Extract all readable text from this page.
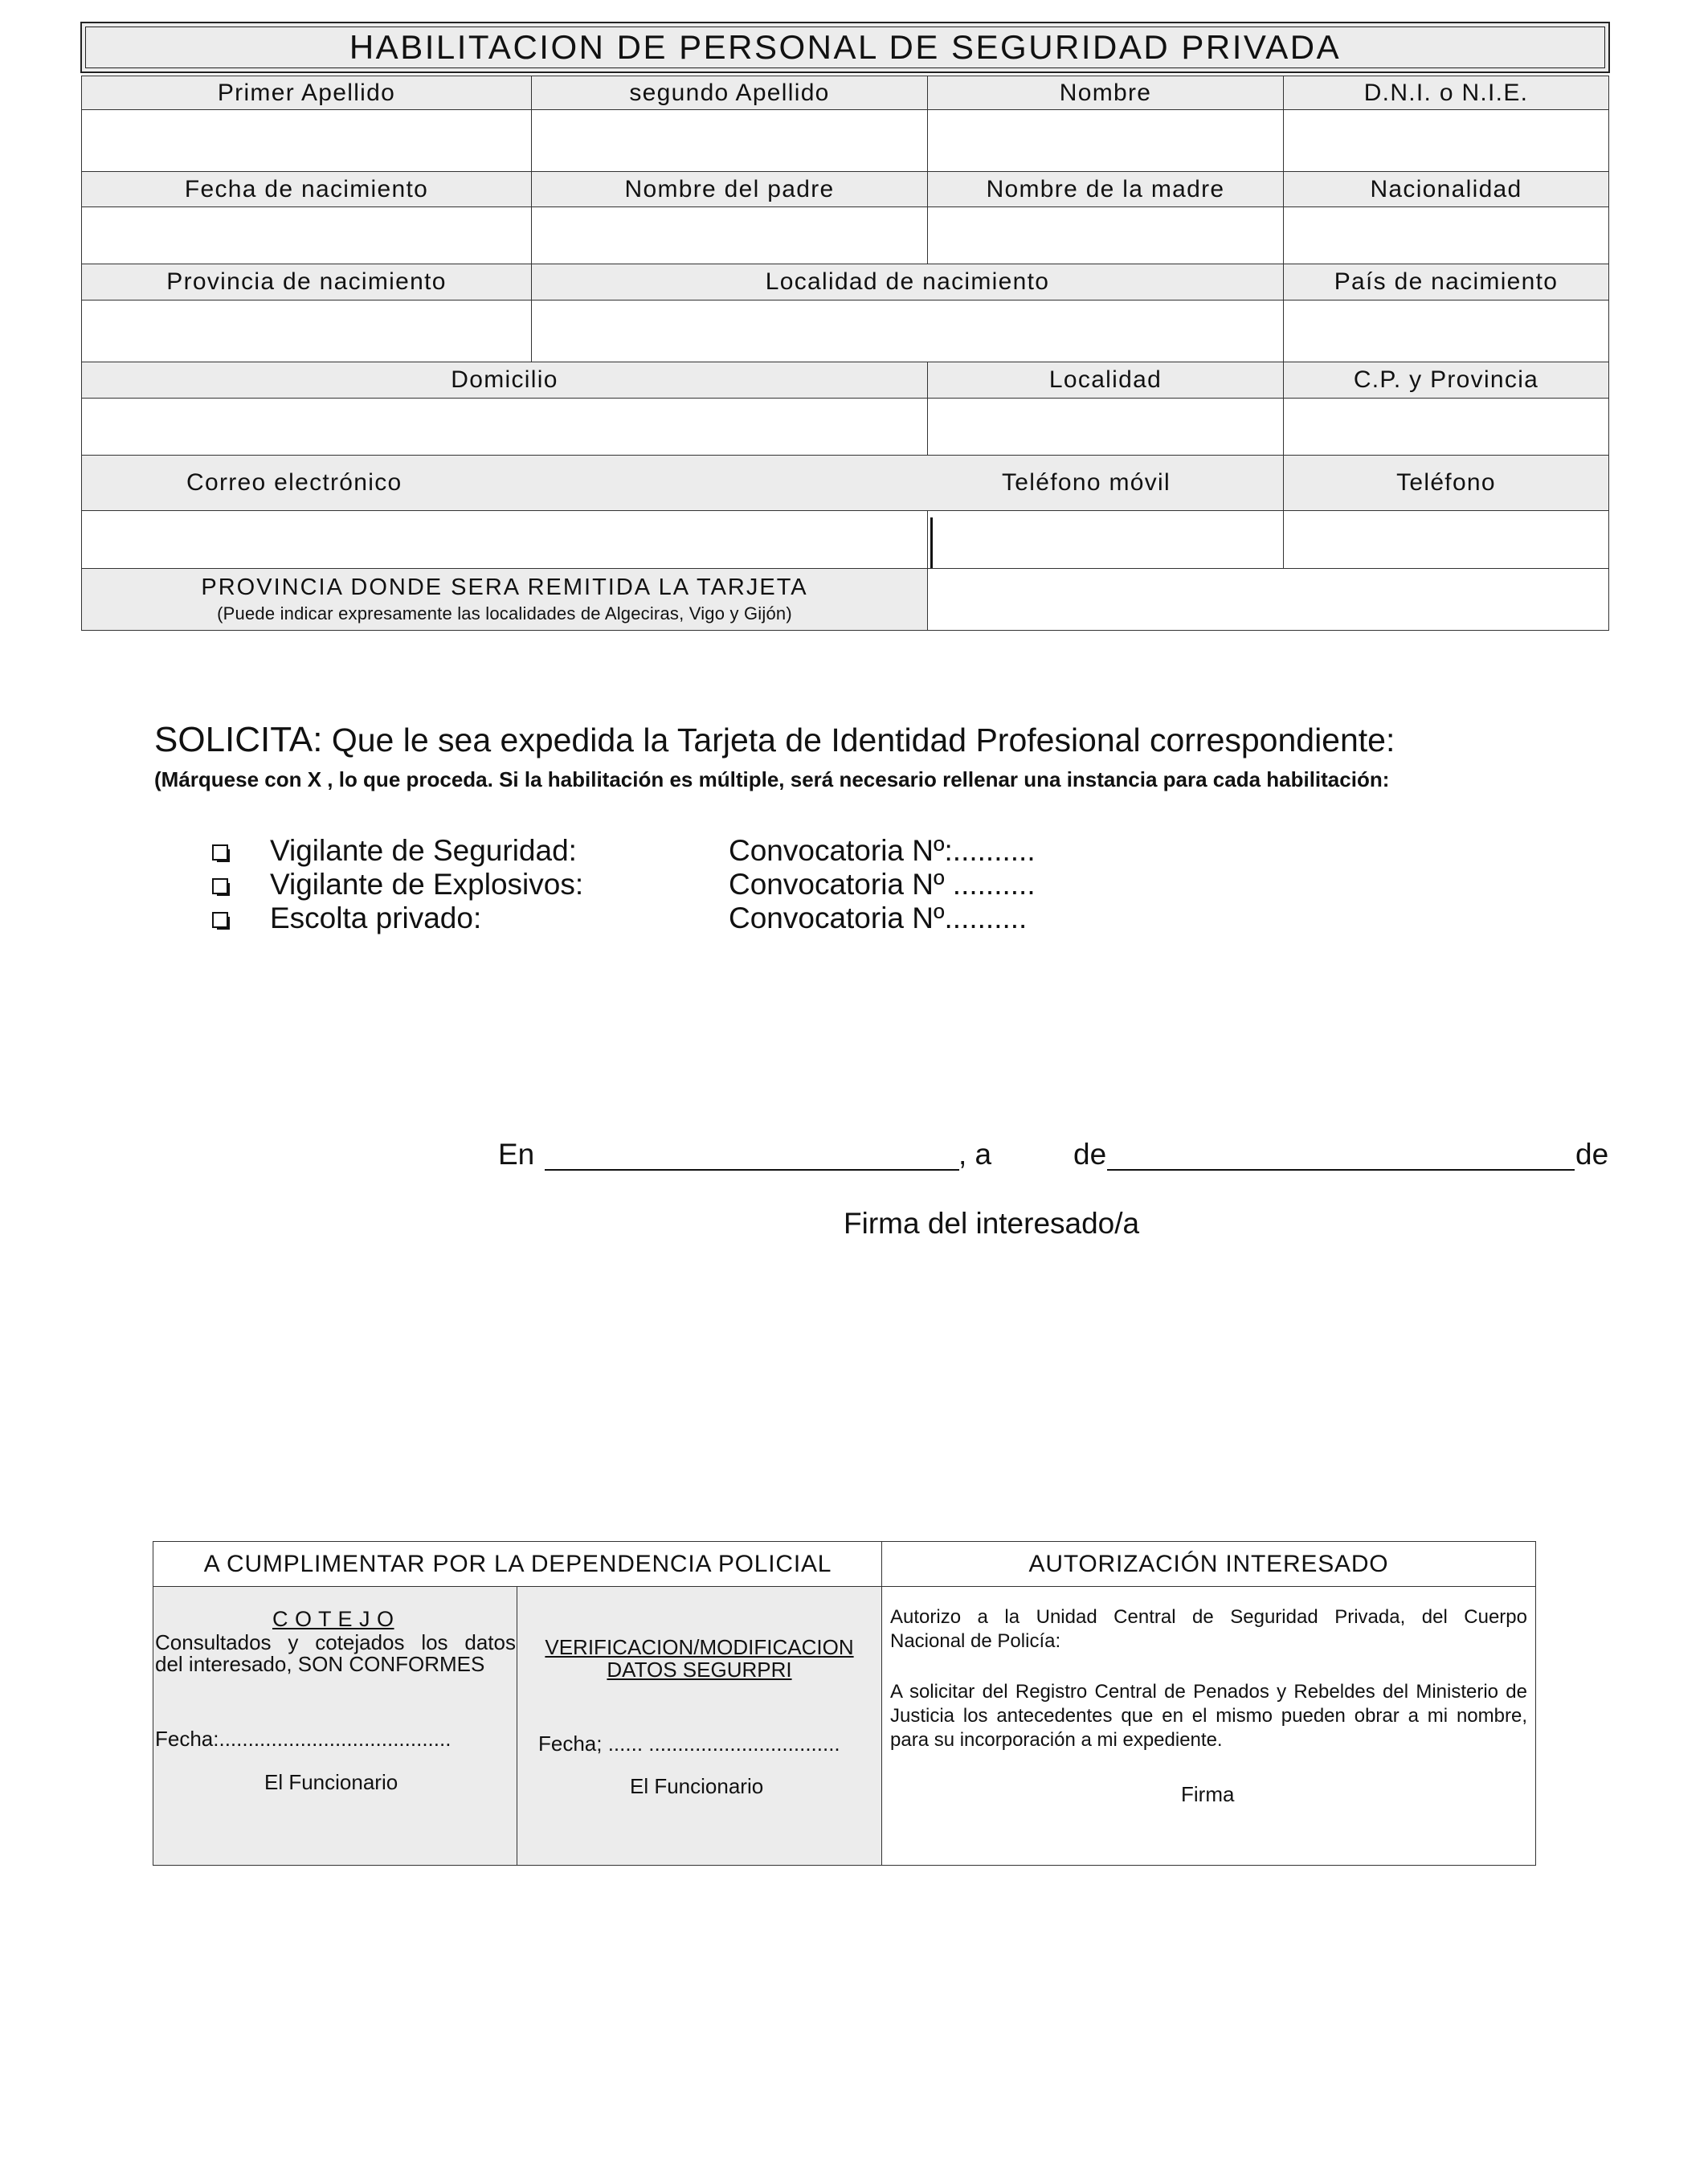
HABILITACION DE PERSONAL DE SEGURIDAD PRIVADA
Primer Apellido	segundo Apellido	Nombre	D.N.I. o N.I.E.
Fecha de nacimiento	Nombre del padre	Nombre de la madre	Nacionalidad
Provincia de nacimiento	Localidad de nacimiento	País de nacimiento
Domicilio	Localidad	C.P. y Provincia
Correo electrónico	Teléfono móvil	Teléfono
PROVINCIA DONDE SERA REMITIDA LA TARJETA
(Puede indicar expresamente las localidades de Algeciras, Vigo y Gijón)
SOLICITA: Que le sea expedida la Tarjeta de Identidad Profesional correspondiente:
(Márquese con X , lo que proceda. Si la habilitación es múltiple, será necesario rellenar una instancia para cada habilitación:
Vigilante de Seguridad:	Convocatoria Nº:..........
Vigilante de Explosivos:	Convocatoria Nº ..........
Escolta privado:	Convocatoria Nº..........
En	, a	de	de
Firma del interesado/a
A CUMPLIMENTAR POR LA DEPENDENCIA POLICIAL	AUTORIZACIÓN INTERESADO
C O T E J O
Consultados y cotejados los datos
del interesado, SON CONFORMES
Fecha:........................................
El Funcionario
VERIFICACION/MODIFICACION
DATOS SEGURPRI
Fecha; ...... .................................
El Funcionario
Autorizo a la Unidad Central de Seguridad Privada, del Cuerpo
Nacional de Policía:
A solicitar del Registro Central de Penados y Rebeldes del Ministerio de
Justicia los antecedentes que en el mismo pueden obrar a mi nombre,
para su incorporación a mi expediente.
Firma
